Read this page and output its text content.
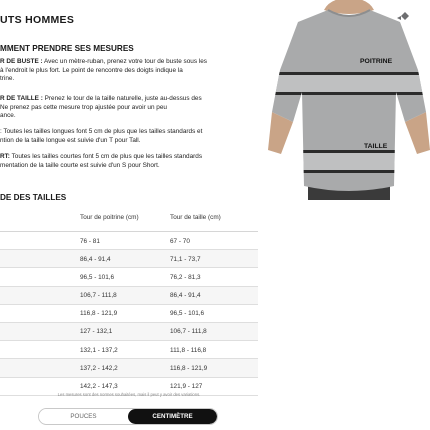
UTS HOMMES
MMENT PRENDRE SES MESURES

R DE BUSTE : Avec un mètre-ruban, prenez votre tour de buste sous les

à l'endroit le plus fort. Le point de rencontre des doigts indique la

trine.

R DE TAILLE : Prenez le tour de la taille naturelle, juste au-dessus des

Ne prenez pas cette mesure trop ajustée pour avoir un peu

ance.

: Toutes les tailles longues font 5 cm de plus que les tailles standards et

ntion de la taille longue est suivie d'un T pour Tall.

RT: Toutes les tailles courtes font 5 cm de plus que les tailles standards

mentation de la taille courte est suivie d'un S pour Short.

DE DES TAILLES
Tour de poitrine (cm)	Tour de taille (cm)
76 - 81	67 - 70
86,4 - 91,4	71,1 - 73,7
96,5 - 101,6	76,2 - 81,3
106,7 - 111,8	86,4 - 91,4
116,8 - 121,9	96,5 - 101,6
127 - 132,1	106,7 - 111,8
132,1 - 137,2	111,8 - 116,8
137,2 - 142,2	116,8 - 121,9
142,2 - 147,3	121,9 - 127
Les mesures sont des normes souhaitées, mais il peut y avoir des variations.
POUCES	CENTIMÈTRE
POITRINE
TAILLE
